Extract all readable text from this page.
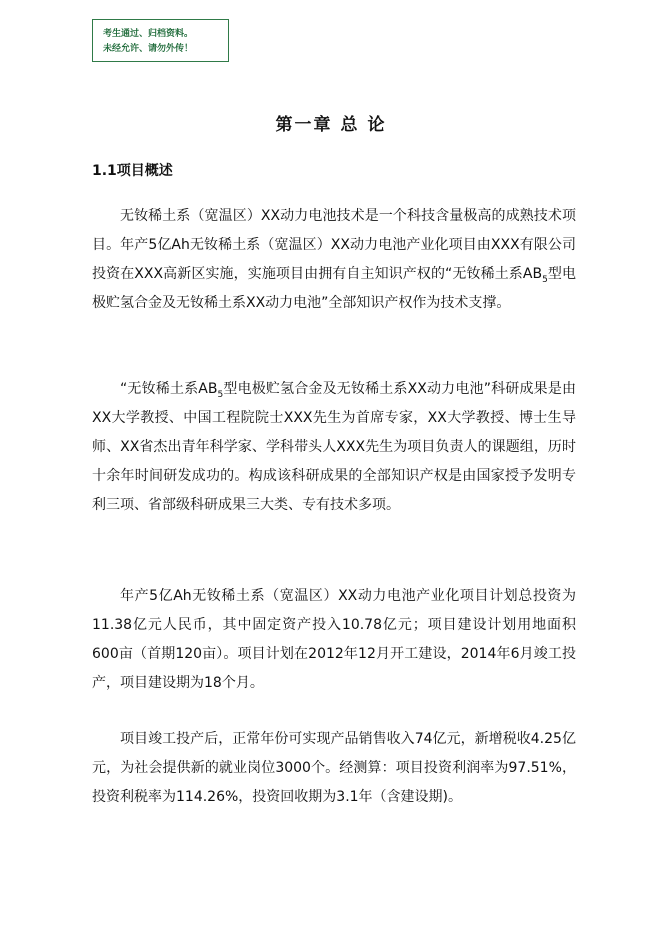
考生通过、归档资料。
未经允许、请勿外传！
第一章 总 论
1.1项目概述

无钕稀土系（宽温区）XX动力电池技术是一个科技含量极高的成熟技术项目。年产5亿Ah无钕稀土系（宽温区）XX动力电池产业化项目由XXX有限公司投资在XXX高新区实施，实施项目由拥有自主知识产权的“无钕稀土系$AB_5$型电极贮氢合金及无钕稀土系XX动力电池”全部知识产权作为技术支撑。

“无钕稀土系$AB_5$型电极贮氢合金及无钕稀土系XX动力电池”科研成果是由XX大学教授、中国工程院院士XXX先生为首席专家，XX大学教授、博士生导师、XX省杰出青年科学家、学科带头人XXX先生为项目负责人的课题组，历时十余年时间研发成功的。构成该科研成果的全部知识产权是由国家授予发明专利三项、省部级科研成果三大类、专有技术多项。

年产5亿Ah无钕稀土系（宽温区）XX动力电池产业化项目计划总投资为11.38亿元人民币，其中固定资产投入10.78亿元；项目建设计划用地面积600亩（首期120亩）。项目计划在2012年12月开工建设，2014年6月竣工投产，项目建设期为18个月。

项目竣工投产后，正常年份可实现产品销售收入74亿元，新增税收4.25亿元，为社会提供新的就业岗位3000个。经测算：项目投资利润率为97.51%，投资利税率为114.26%，投资回收期为3.1年（含建设期)。
